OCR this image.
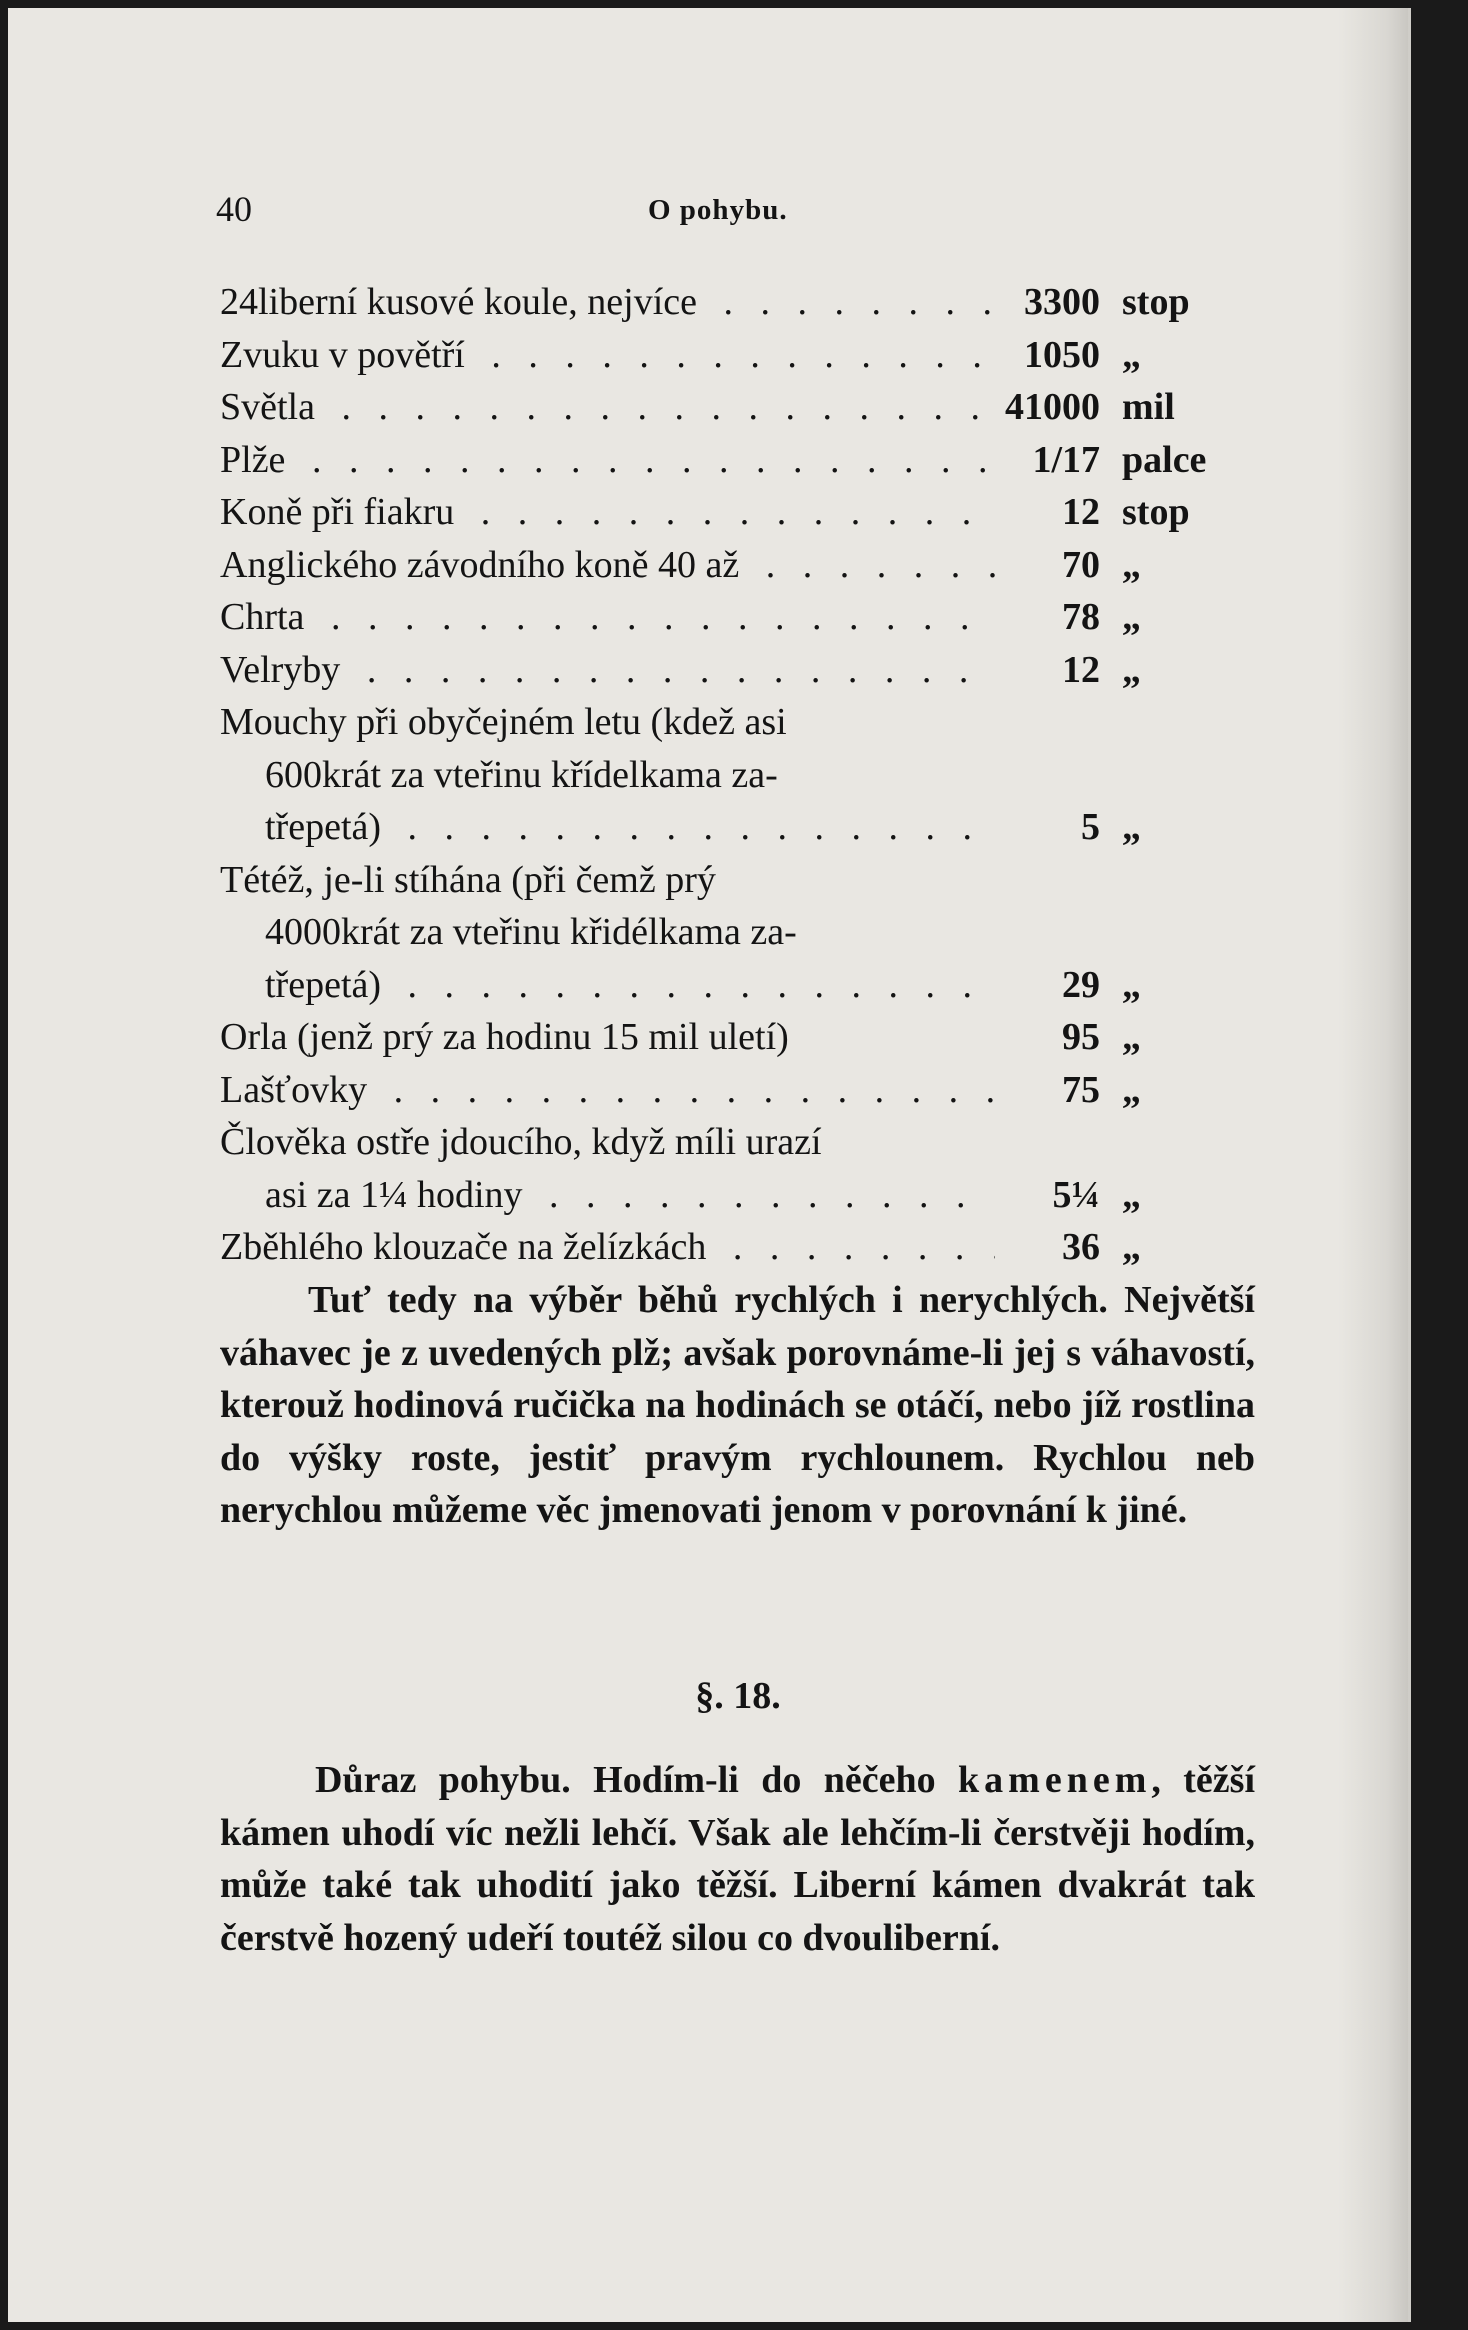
40	O pohybu.
24liberní kusové koule, nejvíce . . .	3300 stop
Zvuku v povětří . . .	1050 „
Světla . . .	41000 mil
Plže . . .	1/17 palce
Koně při fiakru . . .	12 stop
Anglického závodního koně 40 až . . .	70 „
Chrta . . .	78 „
Velryby . . .	12 „
Mouchy při obyčejném letu (kdež asi
600krát za vteřinu křídelkama za-
třepetá) . . .	5 „
Tétéž, je-li stíhána (při čemž prý
4000krát za vteřinu křidélkama za-
třepetá) . . .	29 „
Orla (jenž prý za hodinu 15 mil uletí)	95 „
Lašťovky . . .	75 „
Člověka ostře jdoucího, když míli urazí
asi za 1¼ hodiny . . .	5¼ „
Zběhlého klouzače na želízkách . . .	36 „
Tuť tedy na výběr běhů rychlých i nerychlých. Největší váhavec je z uvedených plž; avšak porovnáme-li jej s váhavostí, kterouž hodinová ručička na hodinách se otáčí, nebo jíž rostlina do výšky roste, jestiť pravým rychlounem. Rychlou neb nerychlou můžeme věc jmenovati jenom v porovnání k jiné.
§. 18.
Důraz pohybu. Hodím-li do něčeho kamenem, těžší kámen uhodí víc nežli lehčí. Však ale lehčím-li čerstvěji hodím, může také tak uhodití jako těžší. Liberní kámen dvakrát tak čerstvě hozený udeří toutéž silou co dvouliberní.
